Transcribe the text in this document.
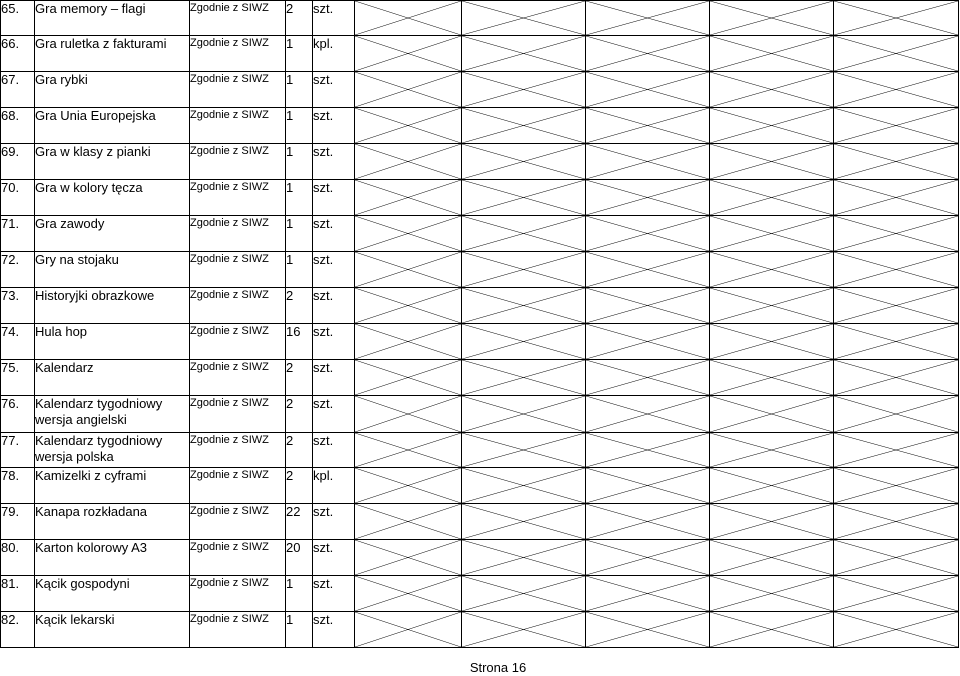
65.	Gra memory – flagi	Zgodnie z SIWZ	2	szt.	

66.	Gra ruletka z fakturami	Zgodnie z SIWZ	1	kpl.	

67.	Gra rybki	Zgodnie z SIWZ	1	szt.	

68.	Gra Unia Europejska	Zgodnie z SIWZ	1	szt.	

69.	Gra w klasy z pianki	Zgodnie z SIWZ	1	szt.	

70.	Gra w kolory tęcza	Zgodnie z SIWZ	1	szt.	

71.	Gra zawody	Zgodnie z SIWZ	1	szt.	

72.	Gry na stojaku	Zgodnie z SIWZ	1	szt.	

73.	Historyjki obrazkowe	Zgodnie z SIWZ	2	szt.	

74.	Hula hop	Zgodnie z SIWZ	16	szt.	

75.	Kalendarz	Zgodnie z SIWZ	2	szt.	

76.	Kalendarz tygodniowy wersja angielski	Zgodnie z SIWZ	2	szt.	

77.	Kalendarz tygodniowy wersja polska	Zgodnie z SIWZ	2	szt.	

78.	Kamizelki z cyframi	Zgodnie z SIWZ	2	kpl.	

79.	Kanapa rozkładana	Zgodnie z SIWZ	22	szt.	

80.	Karton kolorowy A3	Zgodnie z SIWZ	20	szt.	

81.	Kącik gospodyni	Zgodnie z SIWZ	1	szt.	

82.	Kącik lekarski	Zgodnie z SIWZ	1	szt.	

Strona 16
